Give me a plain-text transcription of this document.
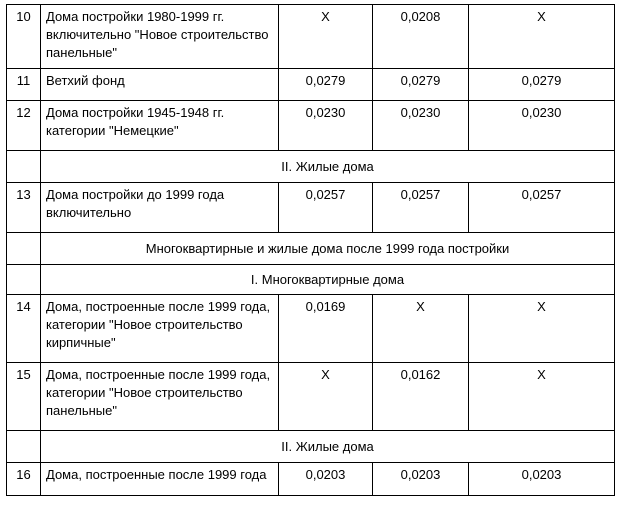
10	Дома постройки 1980-1999 гг. включительно "Новое строительство панельные"	Х	0,0208	Х
11	Ветхий фонд	0,0279	0,0279	0,0279
12	Дома постройки 1945-1948 гг. категории "Немецкие"	0,0230	0,0230	0,0230
	II. Жилые дома			
13	Дома постройки до 1999 года включительно	0,0257	0,0257	0,0257
	Многоквартирные и жилые дома после 1999 года постройки			
	I. Многоквартирные дома			
14	Дома, построенные после 1999 года, категории "Новое строительство кирпичные"	0,0169	Х	Х
15	Дома, построенные после 1999 года, категории "Новое строительство панельные"	Х	0,0162	Х
	II. Жилые дома			
16	Дома, построенные после 1999 года	0,0203	0,0203	0,0203
